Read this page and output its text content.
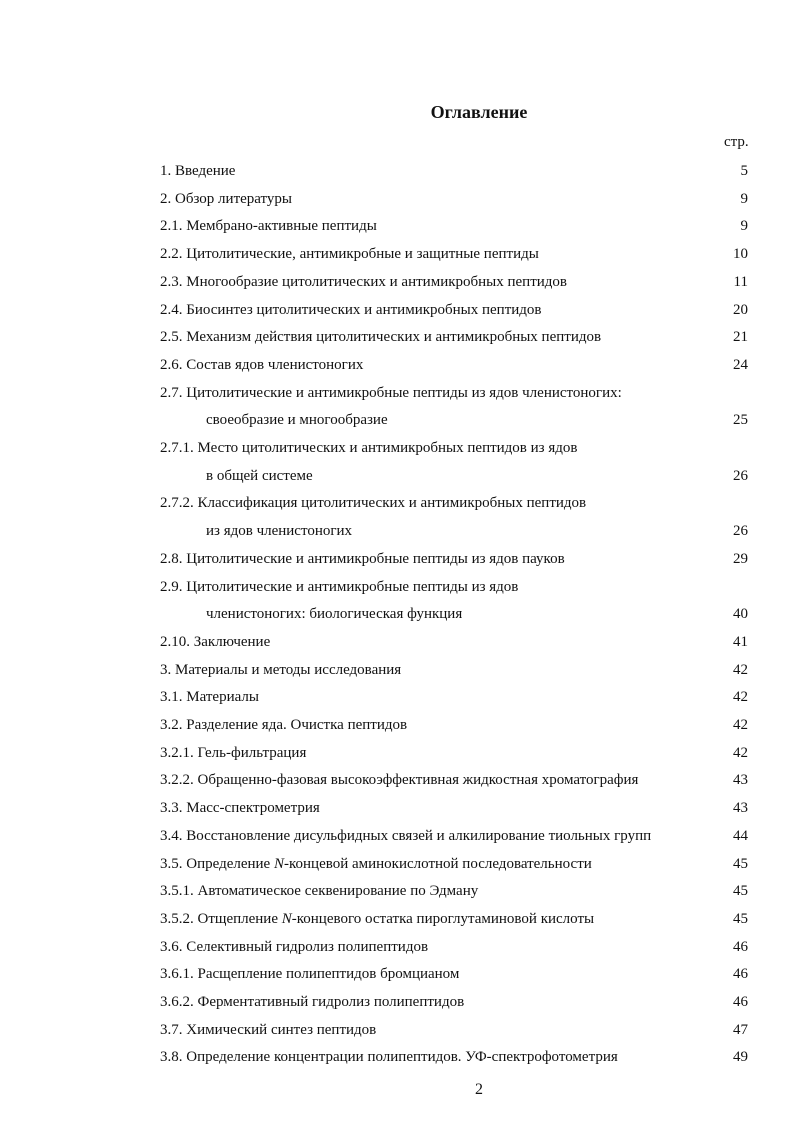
Оглавление
стр.
1. Введение	5
2. Обзор литературы	9
2.1. Мембрано-активные пептиды	9
2.2. Цитолитические, антимикробные и защитные пептиды	10
2.3. Многообразие цитолитических и антимикробных пептидов	11
2.4. Биосинтез цитолитических и антимикробных пептидов	20
2.5. Механизм действия цитолитических и антимикробных пептидов	21
2.6. Состав ядов членистоногих	24
2.7. Цитолитические и антимикробные пептиды из ядов членистоногих:
своеобразие и многообразие	25
2.7.1. Место цитолитических и антимикробных пептидов из ядов
в общей системе	26
2.7.2. Классификация цитолитических и антимикробных пептидов
из ядов членистоногих	26
2.8. Цитолитические и антимикробные пептиды из ядов пауков	29
2.9. Цитолитические и антимикробные пептиды из ядов
членистоногих: биологическая функция	40
2.10. Заключение	41
3. Материалы и методы исследования	42
3.1. Материалы	42
3.2. Разделение яда. Очистка пептидов	42
3.2.1. Гель-фильтрация	42
3.2.2. Обращенно-фазовая высокоэффективная жидкостная хроматография	43
3.3. Масс-спектрометрия	43
3.4. Восстановление дисульфидных связей и алкилирование тиольных групп	44
3.5. Определение N-концевой аминокислотной последовательности	45
3.5.1. Автоматическое секвенирование по Эдману	45
3.5.2. Отщепление N-концевого остатка пироглутаминовой кислоты	45
3.6. Селективный гидролиз полипептидов	46
3.6.1. Расщепление полипептидов бромцианом	46
3.6.2. Ферментативный гидролиз полипептидов	46
3.7. Химический синтез пептидов	47
3.8. Определение концентрации полипептидов. УФ-спектрофотометрия	49
2
